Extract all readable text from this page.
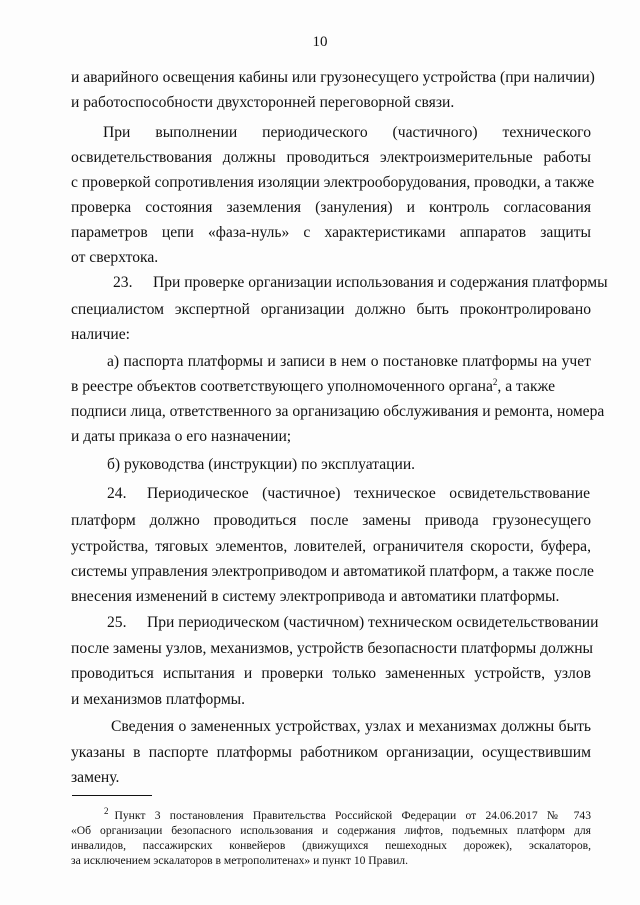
10
и аварийного освещения кабины или грузонесущего устройства (при наличии)
и работоспособности двухсторонней переговорной связи.
При выполнении периодического (частичного) технического
освидетельствования должны проводиться электроизмерительные работы
с проверкой сопротивления изоляции электрооборудования, проводки, а также
проверка состояния заземления (зануления) и контроль согласования
параметров цепи «фаза-нуль» с характеристиками аппаратов защиты
от сверхтока.
23. При проверке организации использования и содержания платформы
специалистом экспертной организации должно быть проконтролировано
наличие:
а) паспорта платформы и записи в нем о постановке платформы на учет
в реестре объектов соответствующего уполномоченного органа$^2$, а также
подписи лица, ответственного за организацию обслуживания и ремонта, номера
и даты приказа о его назначении;
б) руководства (инструкции) по эксплуатации.
24. Периодическое (частичное) техническое освидетельствование
платформ должно проводиться после замены привода грузонесущего
устройства, тяговых элементов, ловителей, ограничителя скорости, буфера,
системы управления электроприводом и автоматикой платформ, а также после
внесения изменений в систему электропривода и автоматики платформы.
25. При периодическом (частичном) техническом освидетельствовании
после замены узлов, механизмов, устройств безопасности платформы должны
проводиться испытания и проверки только замененных устройств, узлов
и механизмов платформы.
Сведения о замененных устройствах, узлах и механизмах должны быть
указаны в паспорте платформы работником организации, осуществившим
замену.
$^2$ Пункт 3 постановления Правительства Российской Федерации от 24.06.2017 № 743
«Об организации безопасного использования и содержания лифтов, подъемных платформ для
инвалидов, пассажирских конвейеров (движущихся пешеходных дорожек), эскалаторов,
за исключением эскалаторов в метрополитенах» и пункт 10 Правил.
